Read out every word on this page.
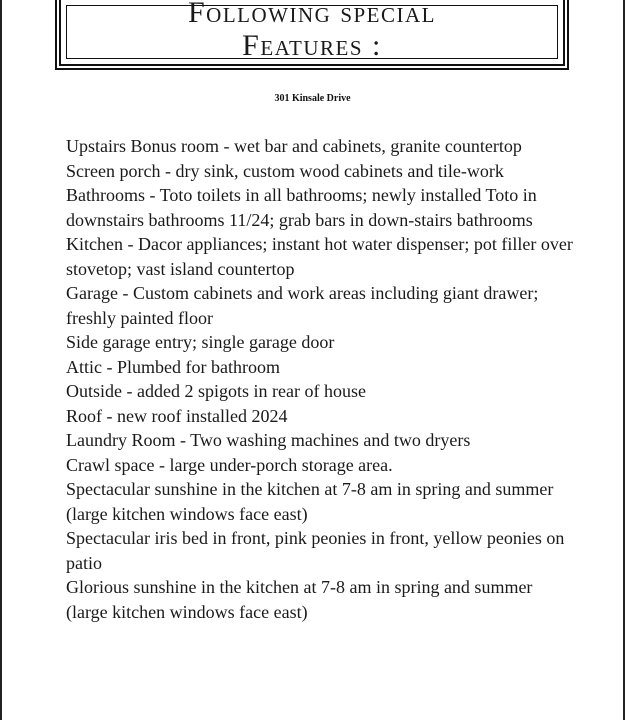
Following special
Features :
301 Kinsale Drive
Upstairs Bonus room - wet bar and cabinets, granite countertop
Screen porch - dry sink, custom wood cabinets and tile-work
Bathrooms - Toto toilets in all bathrooms; newly installed Toto in downstairs bathrooms 11/24; grab bars in down-stairs bathrooms
Kitchen - Dacor appliances; instant hot water dispenser; pot filler over stovetop; vast island countertop
Garage - Custom cabinets and work areas including giant drawer; freshly painted floor
Side garage entry; single garage door
Attic - Plumbed for bathroom
Outside - added 2 spigots in rear of house
Roof - new roof installed 2024
Laundry Room - Two washing machines and two dryers
Crawl space - large under-porch storage area.
Spectacular sunshine in the kitchen at 7-8 am in spring and summer (large kitchen windows face east)
Spectacular iris bed in front, pink peonies in front, yellow peonies on patio
Glorious sunshine in the kitchen at 7-8 am in spring and summer (large kitchen windows face east)
